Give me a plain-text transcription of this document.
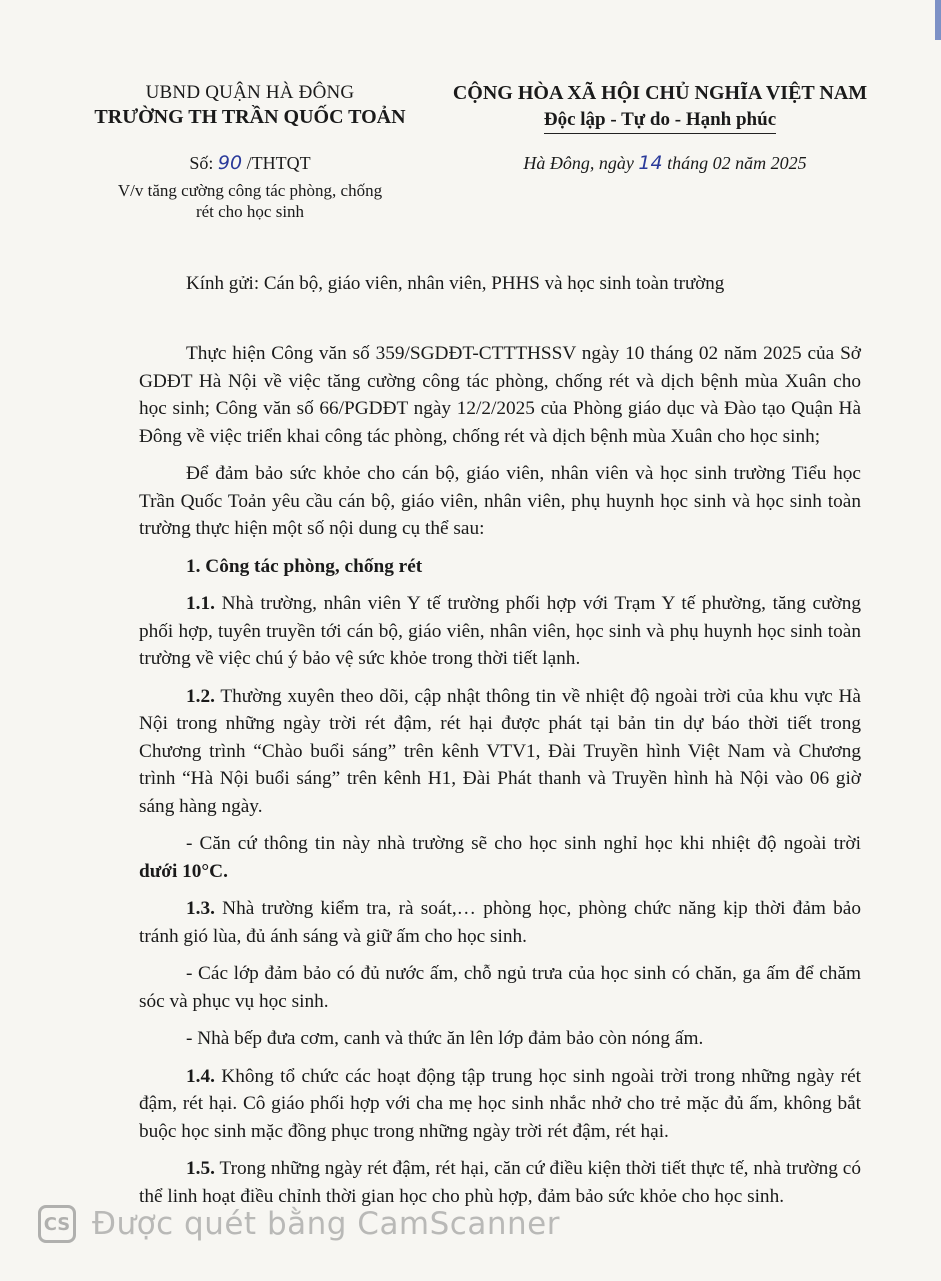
UBND QUẬN HÀ ĐÔNG
TRƯỜNG TH TRẦN QUỐC TOẢN
CỘNG HÒA XÃ HỘI CHỦ NGHĨA VIỆT NAM
Độc lập - Tự do - Hạnh phúc
Số: 90 /THTQT
V/v tăng cường công tác phòng, chống
rét cho học sinh
Hà Đông, ngày 14 tháng 02 năm 2025
Kính gửi: Cán bộ, giáo viên, nhân viên, PHHS và học sinh toàn trường

Thực hiện Công văn số 359/SGDĐT-CTTTHSSV ngày 10 tháng 02 năm 2025 của Sở GDĐT Hà Nội về việc tăng cường công tác phòng, chống rét và dịch bệnh mùa Xuân cho học sinh; Công văn số 66/PGDĐT ngày 12/2/2025 của Phòng giáo dục và Đào tạo Quận Hà Đông về việc triển khai công tác phòng, chống rét và dịch bệnh mùa Xuân cho học sinh;

Để đảm bảo sức khỏe cho cán bộ, giáo viên, nhân viên và học sinh trường Tiểu học Trần Quốc Toản yêu cầu cán bộ, giáo viên, nhân viên, phụ huynh học sinh và học sinh toàn trường thực hiện một số nội dung cụ thể sau:

1. Công tác phòng, chống rét

1.1. Nhà trường, nhân viên Y tế trường phối hợp với Trạm Y tế phường, tăng cường phối hợp, tuyên truyền tới cán bộ, giáo viên, nhân viên, học sinh và phụ huynh học sinh toàn trường về việc chú ý bảo vệ sức khỏe trong thời tiết lạnh.

1.2. Thường xuyên theo dõi, cập nhật thông tin về nhiệt độ ngoài trời của khu vực Hà Nội trong những ngày trời rét đậm, rét hại được phát tại bản tin dự báo thời tiết trong Chương trình “Chào buổi sáng” trên kênh VTV1, Đài Truyền hình Việt Nam và Chương trình “Hà Nội buổi sáng” trên kênh H1, Đài Phát thanh và Truyền hình hà Nội vào 06 giờ sáng hàng ngày.

- Căn cứ thông tin này nhà trường sẽ cho học sinh nghỉ học khi nhiệt độ ngoài trời dưới 10°C.

1.3. Nhà trường kiểm tra, rà soát,… phòng học, phòng chức năng kịp thời đảm bảo tránh gió lùa, đủ ánh sáng và giữ ấm cho học sinh.

- Các lớp đảm bảo có đủ nước ấm, chỗ ngủ trưa của học sinh có chăn, ga ấm để chăm sóc và phục vụ học sinh.

- Nhà bếp đưa cơm, canh và thức ăn lên lớp đảm bảo còn nóng ấm.

1.4. Không tổ chức các hoạt động tập trung học sinh ngoài trời trong những ngày rét đậm, rét hại. Cô giáo phối hợp với cha mẹ học sinh nhắc nhở cho trẻ mặc đủ ấm, không bắt buộc học sinh mặc đồng phục trong những ngày trời rét đậm, rét hại.

1.5. Trong những ngày rét đậm, rét hại, căn cứ điều kiện thời tiết thực tế, nhà trường có thể linh hoạt điều chỉnh thời gian học cho phù hợp, đảm bảo sức khỏe cho học sinh.

CS Được quét bằng CamScanner
